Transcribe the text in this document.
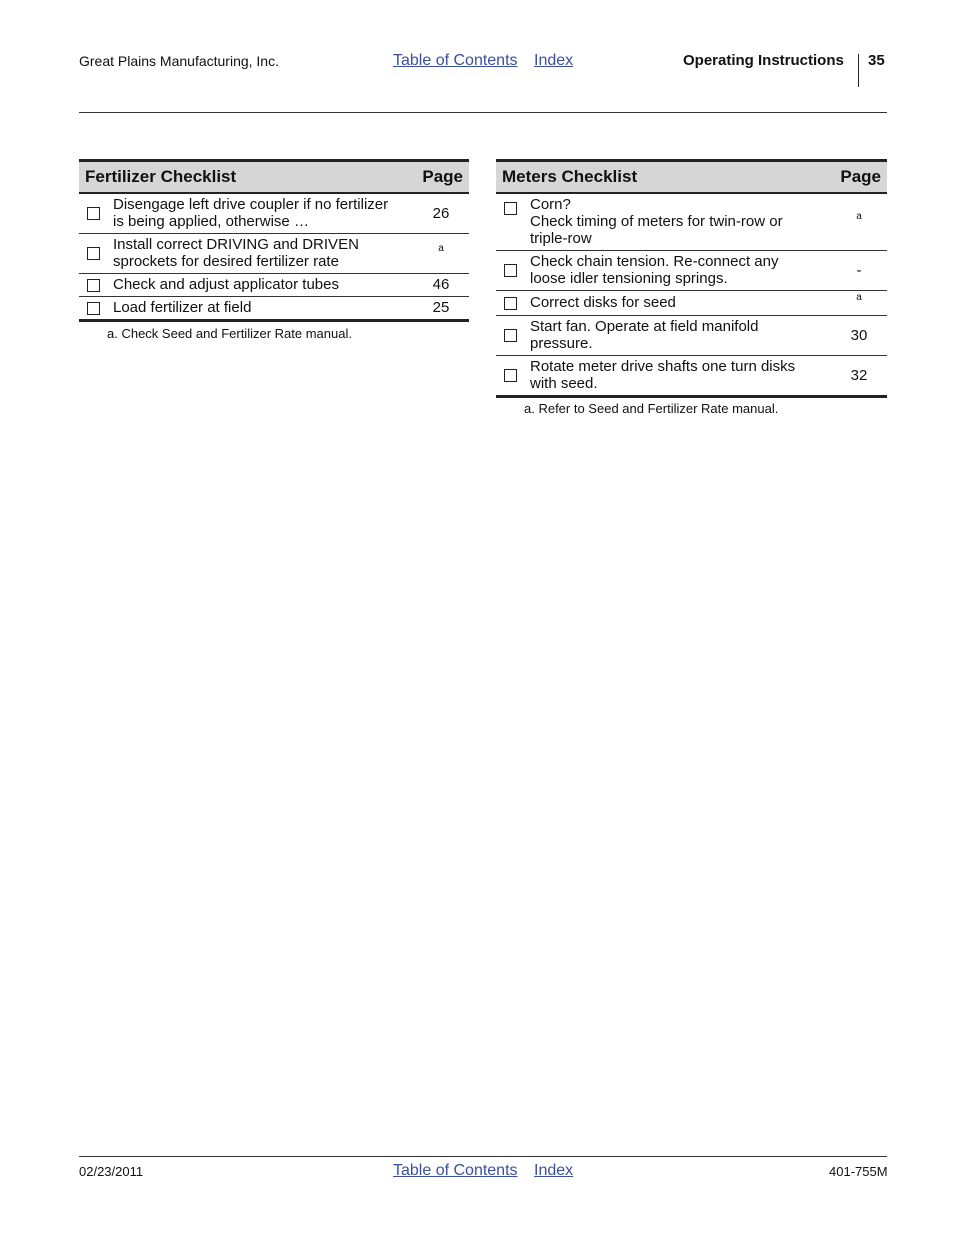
Great Plains Manufacturing, Inc.	Table of Contents Index	Operating Instructions 35
Fertilizer Checklist		Page
	Disengage left drive coupler if no fertilizer
is being applied, otherwise …	26
	Install correct DRIVING and DRIVEN
sprockets for desired fertilizer rate	$^a$
	Check and adjust applicator tubes	46
	Load fertilizer at field	25
a. Check Seed and Fertilizer Rate manual.
Meters Checklist		Page
	Corn?
Check timing of meters for twin-row or
triple-row	$^a$
	Check chain tension. Re-connect any
loose idler tensioning springs.	-
	Correct disks for seed	$^a$
	Start fan. Operate at field manifold
pressure.	30
	Rotate meter drive shafts one turn disks
with seed.	32
a. Refer to Seed and Fertilizer Rate manual.
02/23/2011	Table of Contents Index	401-755M
